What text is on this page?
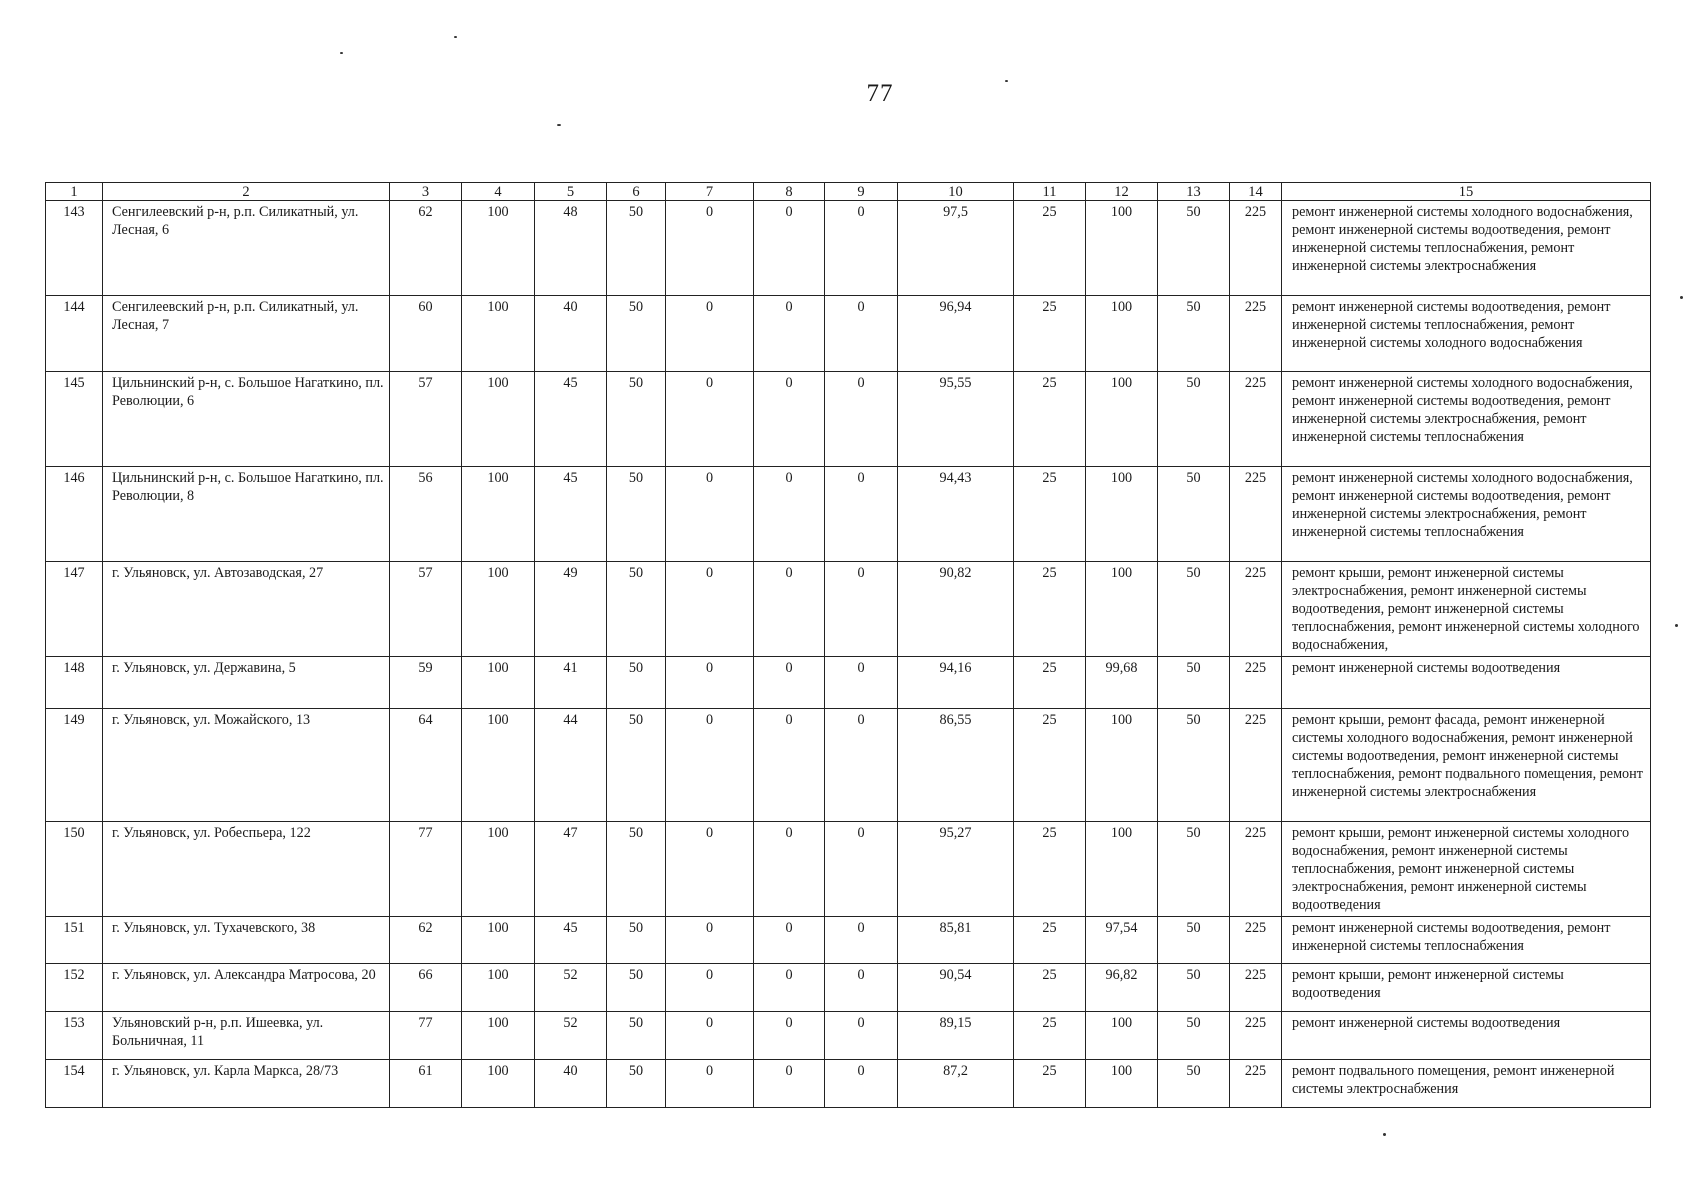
77
1	2	3	4	5	6	7	8	9	10	11	12	13	14	15
143	Сенгилеевский р-н, р.п. Силикатный, ул. Лесная, 6	62	100	48	50	0	0	0	97,5	25	100	50	225	ремонт инженерной системы холодного водоснабжения, ремонт инженерной системы водоотведения, ремонт инженерной системы теплоснабжения, ремонт инженерной системы электроснабжения
144	Сенгилеевский р-н, р.п. Силикатный, ул. Лесная, 7	60	100	40	50	0	0	0	96,94	25	100	50	225	ремонт инженерной системы водоотведения, ремонт инженерной системы теплоснабжения, ремонт инженерной системы холодного водоснабжения
145	Цильнинский р-н, с. Большое Нагаткино, пл. Революции, 6	57	100	45	50	0	0	0	95,55	25	100	50	225	ремонт инженерной системы холодного водоснабжения, ремонт инженерной системы водоотведения, ремонт инженерной системы электроснабжения, ремонт инженерной системы теплоснабжения
146	Цильнинский р-н, с. Большое Нагаткино, пл. Революции, 8	56	100	45	50	0	0	0	94,43	25	100	50	225	ремонт инженерной системы холодного водоснабжения, ремонт инженерной системы водоотведения, ремонт инженерной системы электроснабжения, ремонт инженерной системы теплоснабжения
147	г. Ульяновск, ул. Автозаводская, 27	57	100	49	50	0	0	0	90,82	25	100	50	225	ремонт крыши, ремонт инженерной системы электроснабжения, ремонт инженерной системы водоотведения, ремонт инженерной системы теплоснабжения, ремонт инженерной системы холодного водоснабжения,
148	г. Ульяновск, ул. Державина, 5	59	100	41	50	0	0	0	94,16	25	99,68	50	225	ремонт инженерной системы водоотведения
149	г. Ульяновск, ул. Можайского, 13	64	100	44	50	0	0	0	86,55	25	100	50	225	ремонт крыши, ремонт фасада, ремонт инженерной системы холодного водоснабжения, ремонт инженерной системы водоотведения, ремонт инженерной системы теплоснабжения, ремонт подвального помещения, ремонт инженерной системы электроснабжения
150	г. Ульяновск, ул. Робеспьера, 122	77	100	47	50	0	0	0	95,27	25	100	50	225	ремонт крыши, ремонт инженерной системы холодного водоснабжения, ремонт инженерной системы теплоснабжения, ремонт инженерной системы электроснабжения, ремонт инженерной системы водоотведения
151	г. Ульяновск, ул. Тухачевского, 38	62	100	45	50	0	0	0	85,81	25	97,54	50	225	ремонт инженерной системы водоотведения, ремонт инженерной системы теплоснабжения
152	г. Ульяновск, ул. Александра Матросова, 20	66	100	52	50	0	0	0	90,54	25	96,82	50	225	ремонт крыши, ремонт инженерной системы водоотведения
153	Ульяновский р-н, р.п. Ишеевка, ул. Больничная, 11	77	100	52	50	0	0	0	89,15	25	100	50	225	ремонт инженерной системы водоотведения
154	г. Ульяновск, ул. Карла Маркса, 28/73	61	100	40	50	0	0	0	87,2	25	100	50	225	ремонт подвального помещения, ремонт инженерной системы электроснабжения
